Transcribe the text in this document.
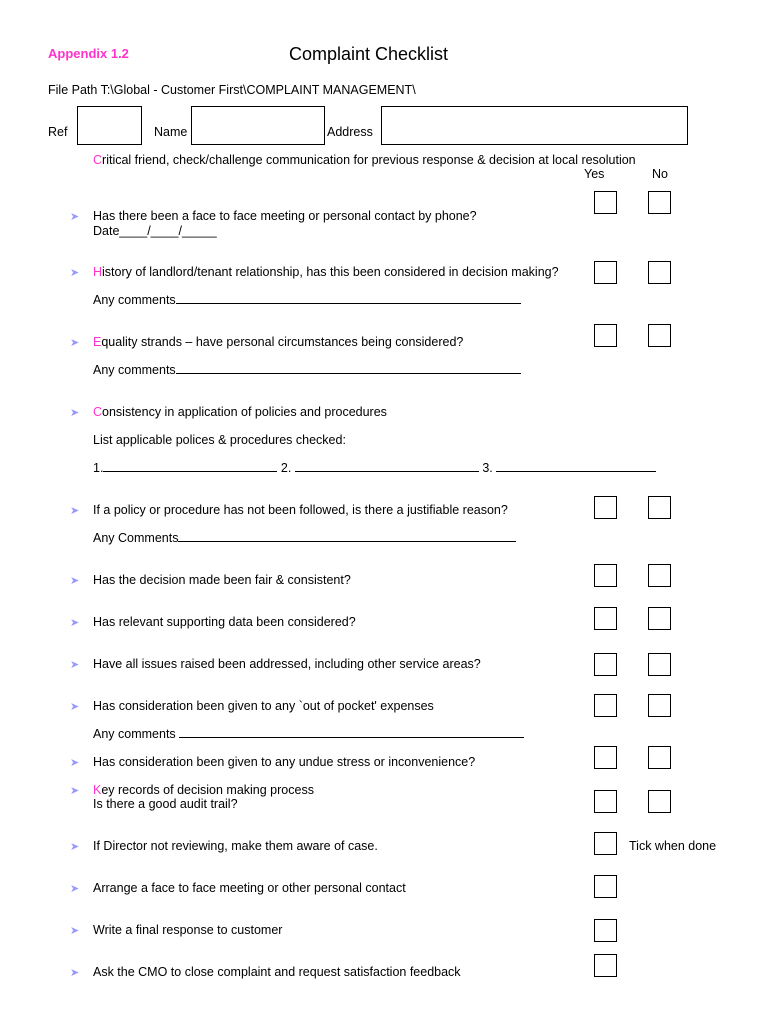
Appendix 1.2	Complaint Checklist
File Path T:\Global - Customer First\COMPLAINT MANAGEMENT\
Ref	Name	Address
Critical friend, check/challenge communication for previous response & decision at local resolution
Yes	No
➤ Has there been a face to face meeting or personal contact by phone?
Date____/____/_____
➤ History of landlord/tenant relationship, has this been considered in decision making?
Any comments
➤ Equality strands – have personal circumstances being considered?
Any comments
➤ Consistency in application of policies and procedures
List applicable polices & procedures checked:
1.	2.	3.
➤ If a policy or procedure has not been followed, is there a justifiable reason?
Any Comments
➤ Has the decision made been fair & consistent?
➤ Has relevant supporting data been considered?
➤ Have all issues raised been addressed, including other service areas?
➤ Has consideration been given to any `out of pocket' expenses
Any comments
➤ Has consideration been given to any undue stress or inconvenience?
➤ Key records of decision making process
Is there a good audit trail?
➤ If Director not reviewing, make them aware of case.	Tick when done
➤ Arrange a face to face meeting or other personal contact
➤ Write a final response to customer
➤ Ask the CMO to close complaint and request satisfaction feedback
